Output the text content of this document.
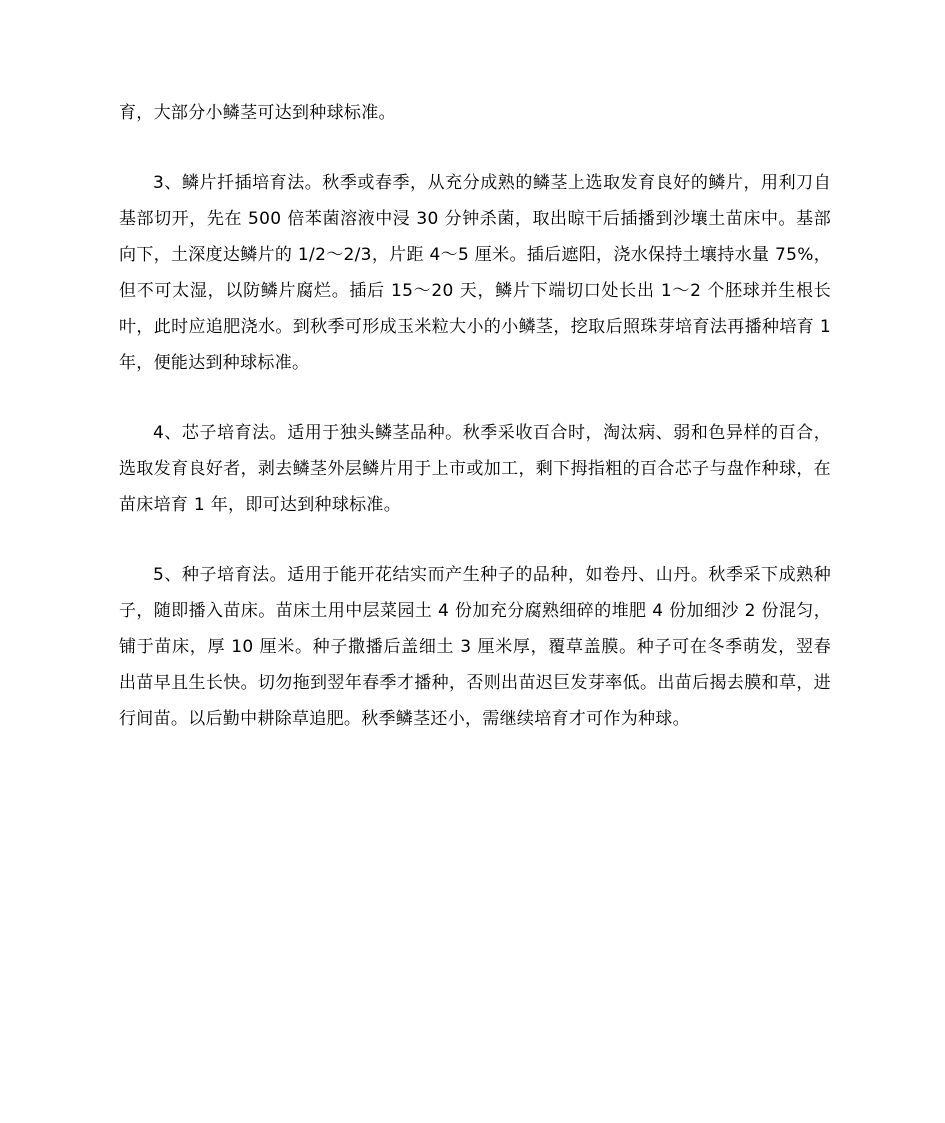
育，大部分小鳞茎可达到种球标准。

3、鳞片扦插培育法。秋季或春季，从充分成熟的鳞茎上选取发育良好的鳞片，用利刀自基部切开，先在 500 倍苯菌溶液中浸 30 分钟杀菌，取出晾干后插播到沙壤土苗床中。基部向下，土深度达鳞片的 1/2～2/3，片距 4～5 厘米。插后遮阳，浇水保持土壤持水量 75%，但不可太湿，以防鳞片腐烂。插后 15～20 天，鳞片下端切口处长出 1～2 个胚球并生根长叶，此时应追肥浇水。到秋季可形成玉米粒大小的小鳞茎，挖取后照珠芽培育法再播种培育 1 年，便能达到种球标准。

4、芯子培育法。适用于独头鳞茎品种。秋季采收百合时，淘汰病、弱和色异样的百合，选取发育良好者，剥去鳞茎外层鳞片用于上市或加工，剩下拇指粗的百合芯子与盘作种球，在苗床培育 1 年，即可达到种球标准。

5、种子培育法。适用于能开花结实而产生种子的品种，如卷丹、山丹。秋季采下成熟种子，随即播入苗床。苗床土用中层菜园土 4 份加充分腐熟细碎的堆肥 4 份加细沙 2 份混匀，铺于苗床，厚 10 厘米。种子撒播后盖细土 3 厘米厚，覆草盖膜。种子可在冬季萌发，翌春出苗早且生长快。切勿拖到翌年春季才播种，否则出苗迟巨发芽率低。出苗后揭去膜和草，进行间苗。以后勤中耕除草追肥。秋季鳞茎还小，需继续培育才可作为种球。
